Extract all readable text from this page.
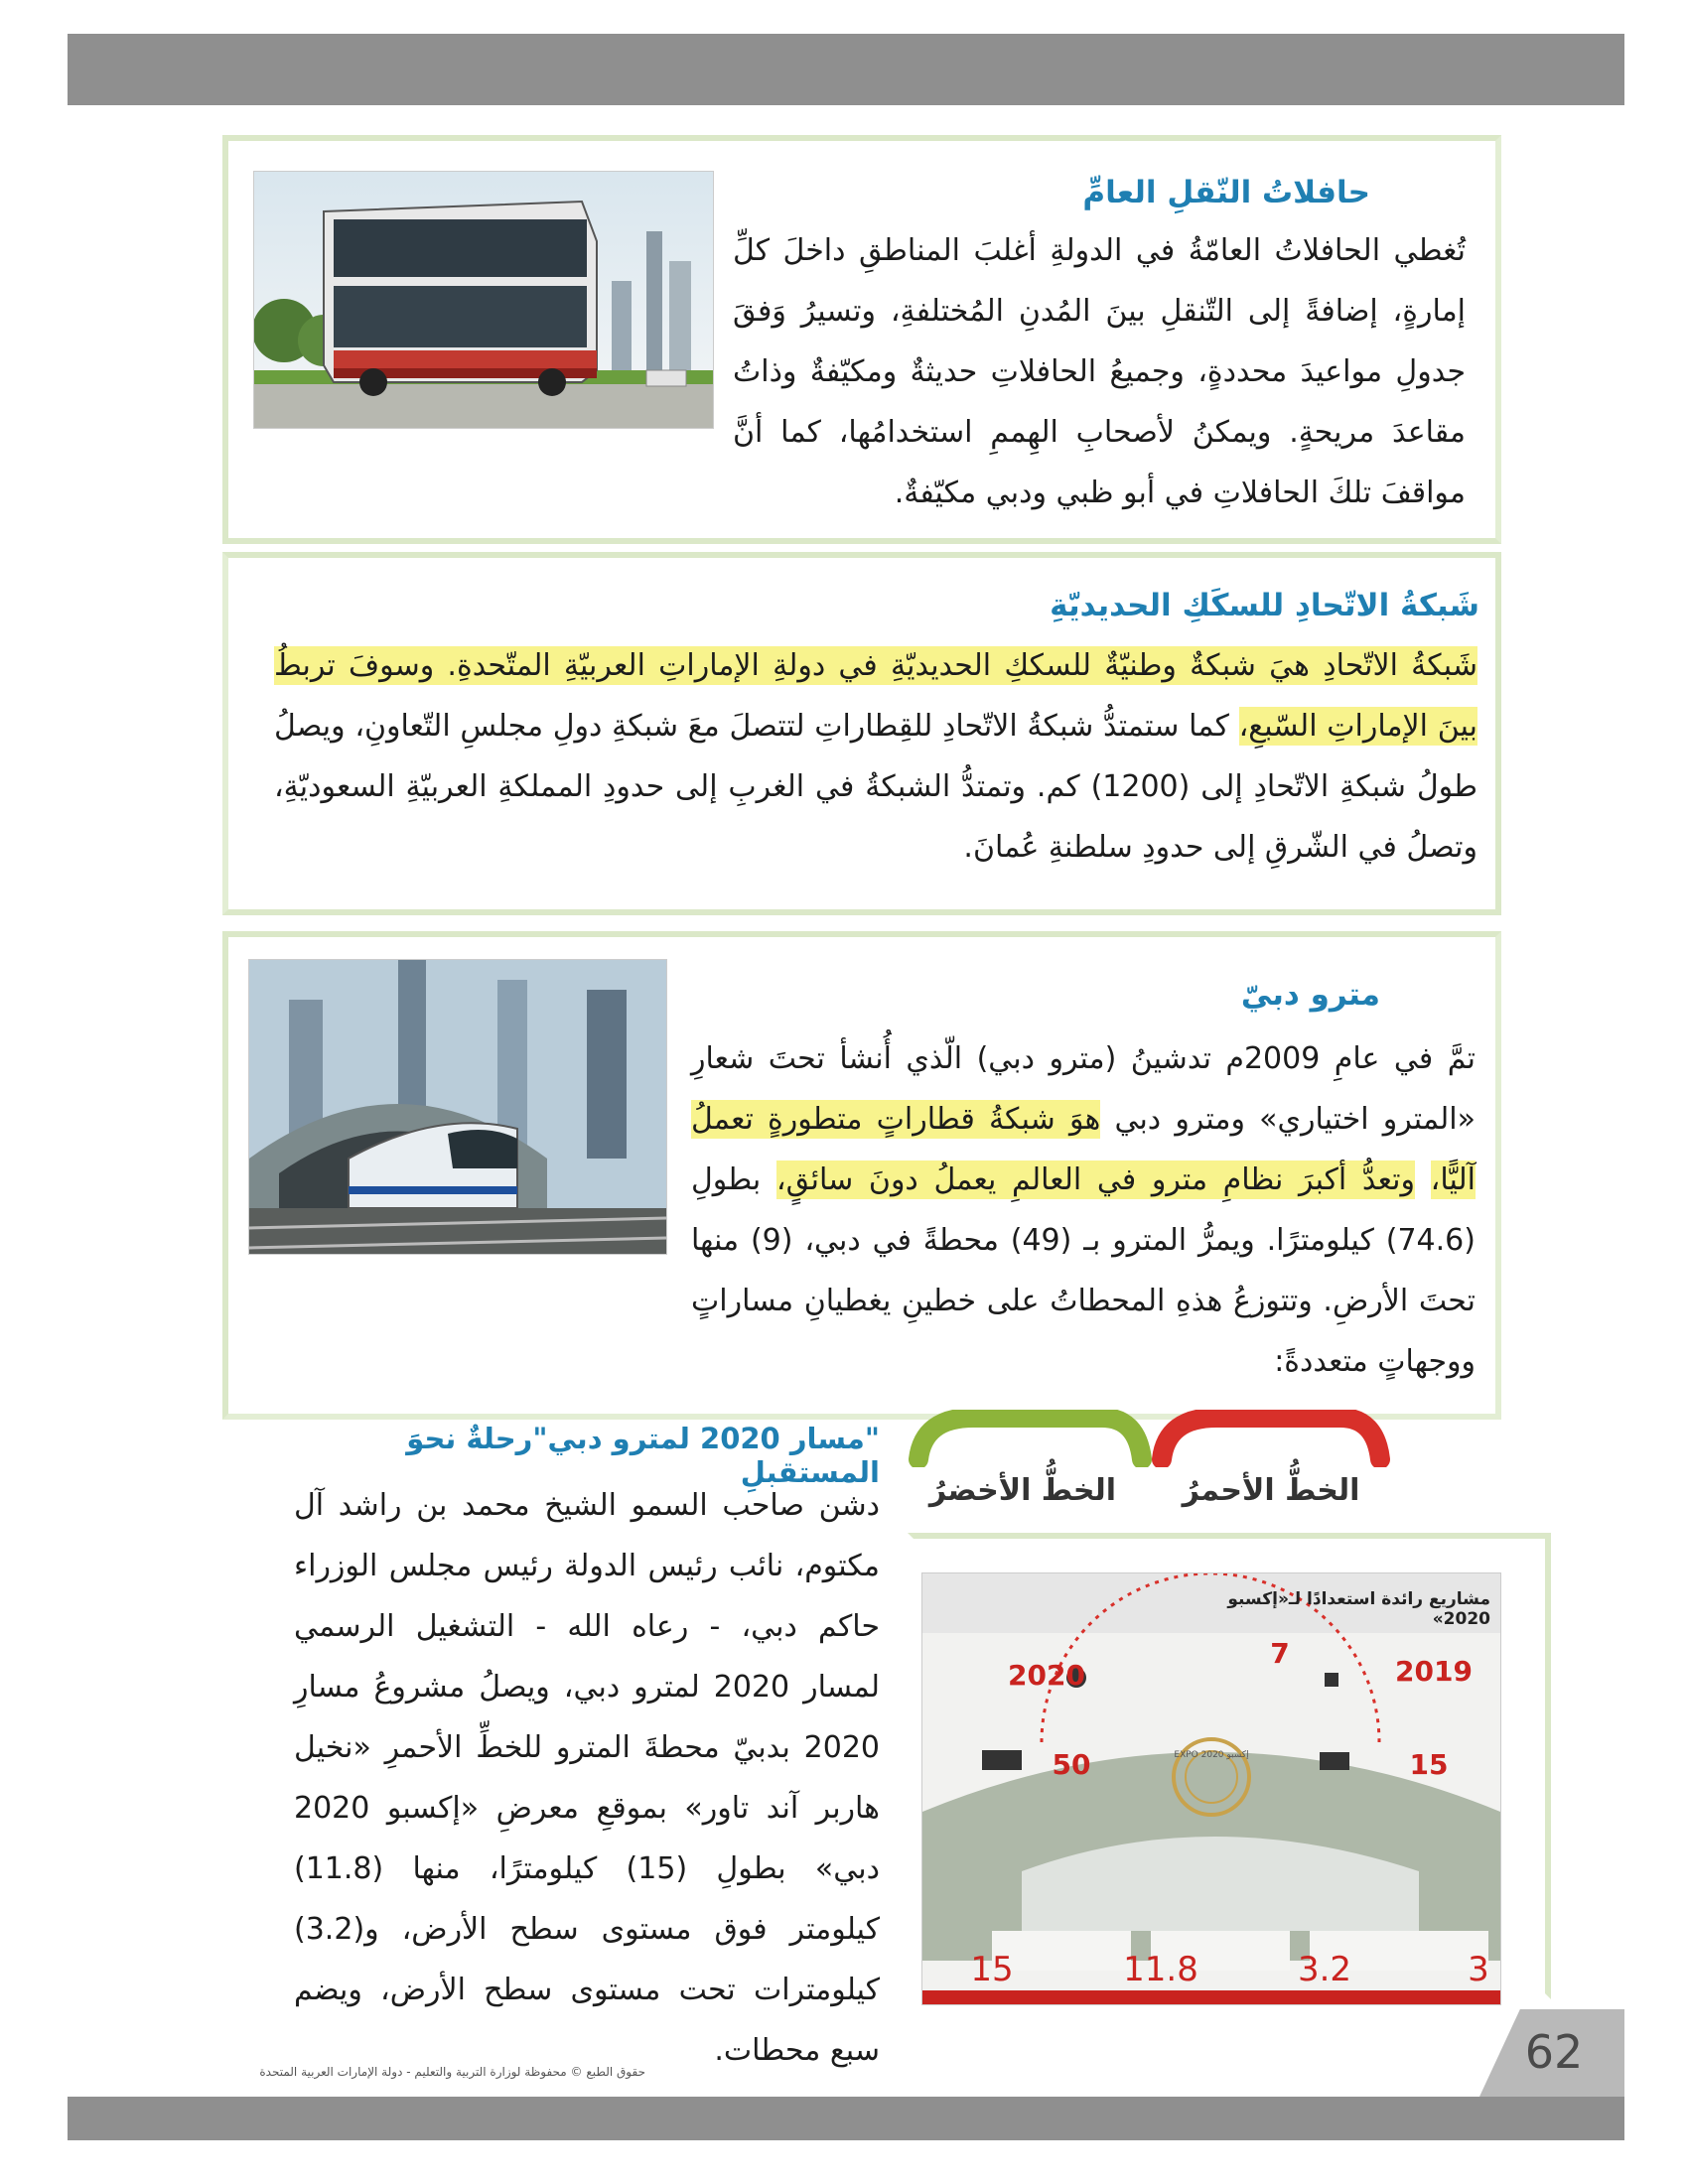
62
حقوق الطبع © محفوظة لوزارة التربية والتعليم - دولة الإمارات العربية المتحدة
حافلاتُ النّقلِ العامِّ

تُغطي الحافلاتُ العامّةُ في الدولةِ أغلبَ المناطقِ داخلَ كلِّ إمارةٍ، إضافةً إلى التّنقلِ بينَ المُدنِ المُختلفةِ، وتسيرُ وَفقَ جدولِ مواعيدَ محددةٍ، وجميعُ الحافلاتِ حديثةٌ ومكيّفةٌ وذاتُ مقاعدَ مريحةٍ. ويمكنُ لأصحابِ الهِممِ استخدامُها، كما أنَّ مواقفَ تلكَ الحافلاتِ في أبو ظبي ودبي مكيّفةٌ.

شَبكةُ الاتّحادِ للسكَكِ الحديديّةِ

شَبكةُ الاتّحادِ هيَ شبكةٌ وطنيّةٌ للسككِ الحديديّةِ في دولةِ الإماراتِ العربيّةِ المتّحدةِ. وسوفَ تربطُ بينَ الإماراتِ السّبعِ، كما ستمتدُّ شبكةُ الاتّحادِ للقِطاراتِ لتتصلَ معَ شبكةِ دولِ مجلسِ التّعاونِ، ويصلُ طولُ شبكةِ الاتّحادِ إلى (1200) كم. وتمتدُّ الشبكةُ في الغربِ إلى حدودِ المملكةِ العربيّةِ السعوديّةِ، وتصلُ في الشّرقِ إلى حدودِ سلطنةِ عُمانَ.

مترو دبيّ

تمَّ في عامِ 2009م تدشينُ (مترو دبي) الّذي أُنشأ تحتَ شعارِ «المترو اختياري» ومترو دبي هوَ شبكةُ قطاراتٍ متطورةٍ تعملُ آليًّا، وتعدُّ أكبرَ نظامِ مترو في العالمِ يعملُ دونَ سائقٍ، بطولِ (74.6) كيلومترًا. ويمرُّ المترو بـ (49) محطةً في دبي، (9) منها تحتَ الأرضِ. وتتوزعُ هذهِ المحطاتُ على خطينِ يغطيانِ مساراتٍ ووجهاتٍ متعددةً:

الخطُّ الأحمرُ
الخطُّ الأخضرُ
"مسار 2020 لمترو دبي"رحلةٌ نحوَ المستقبلِ

دشن صاحب السمو الشيخ محمد بن راشد آل مكتوم، نائب رئيس الدولة رئيس مجلس الوزراء حاكم دبي، - رعاه الله - التشغيل الرسمي لمسار 2020 لمترو دبي، ويصلُ مشروعُ مسارِ 2020 بدبيّ محطةَ المترو للخطِّ الأحمرِ «نخيل هاربر آند تاور» بموقعِ معرضِ «إكسبو 2020 دبي» بطولِ (15) كيلومترًا، منها (11.8) كيلومتر فوق مستوى سطح الأرض، و(3.2) كيلومترات تحت مستوى سطح الأرض، ويضم سبع محطات.

2019
2020
7
50	15
EXPO 2020 إكسبو
15	11.8	3.2	3
مشاريع رائدة استعدادًا لـ«إكسبو 2020»
